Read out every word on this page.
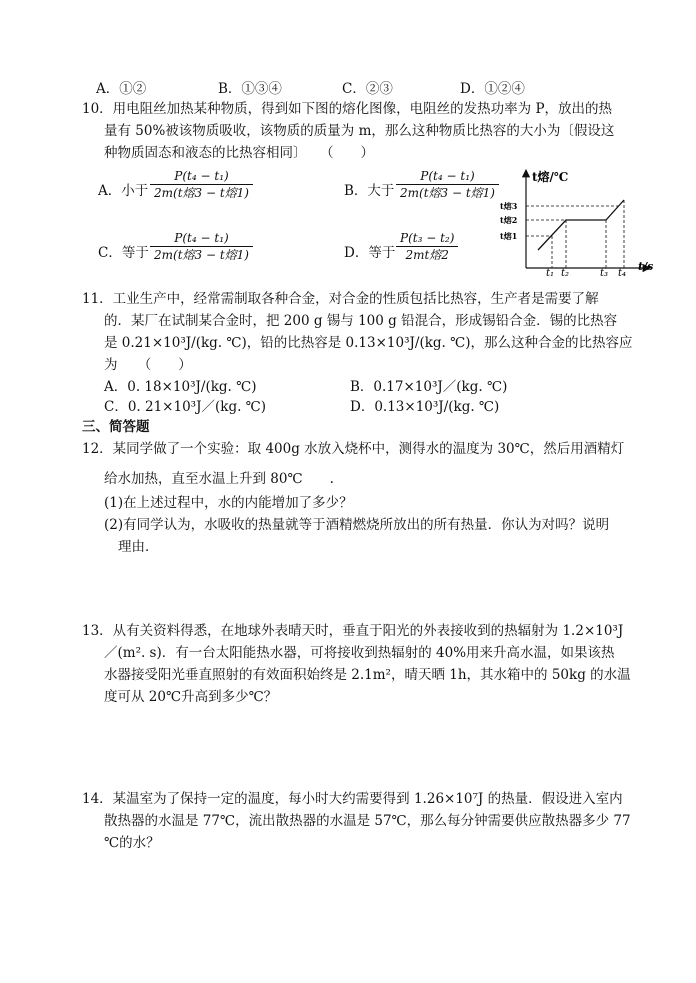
A．①②	B．①③④	C．②③	D．①②④
10．用电阻丝加热某种物质，得到如下图的熔化图像，电阻丝的发热功率为 P，放出的热
量有 50%被该物质吸收，该物质的质量为 m，那么这种物质比热容的大小为〔假设这
种物质固态和液态的比热容相同〕　　（　　）
A．小于
P(t₄ − t₁)
2m(t熔3 − t熔1)	B．大于
P(t₄ − t₁)
2m(t熔3 − t熔1)
C．等于
P(t₄ − t₁)
2m(t熔3 − t熔1)	D．等于
P(t₃ − t₂)
2mt熔2
t熔/℃
t/s
t熔3
t熔2
t熔1
t₁ t₂	t₃ t₄
11．工业生产中，经常需制取各种合金，对合金的性质包括比热容，生产者是需要了解
的．某厂在试制某合金时，把 200 g 锡与 100 g 铅混合，形成锡铅合金．锡的比热容
是 0.21×10³J/(kg. ℃)，铅的比热容是 0.13×10³J/(kg. ℃)，那么这种合金的比热容应
为　　（　　）
A．0. 18×10³J/(kg. ℃)	B．0.17×10³J／(kg. ℃)
C．0. 21×10³J／(kg. ℃)	D．0.13×10³J/(kg. ℃)
三、简答题
12．某同学做了一个实验：取 400g 水放入烧杯中，测得水的温度为 30℃，然后用酒精灯
给水加热，直至水温上升到 80℃　　.
(1)在上述过程中，水的内能增加了多少？
(2)有同学认为，水吸收的热量就等于酒精燃烧所放出的所有热量．你认为对吗？说明
理由．
13．从有关资料得悉，在地球外表晴天时，垂直于阳光的外表接收到的热辐射为 1.2×10³J
／(m². s)．有一台太阳能热水器，可将接收到热辐射的 40%用来升高水温，如果该热
水器接受阳光垂直照射的有效面积始终是 2.1m²，晴天晒 1h，其水箱中的 50kg 的水温
度可从 20℃升高到多少℃？
14．某温室为了保持一定的温度，每小时大约需要得到 1.26×10⁷J 的热量．假设进入室内
散热器的水温是 77℃，流出散热器的水温是 57℃，那么每分钟需要供应散热器多少 77
℃的水？
